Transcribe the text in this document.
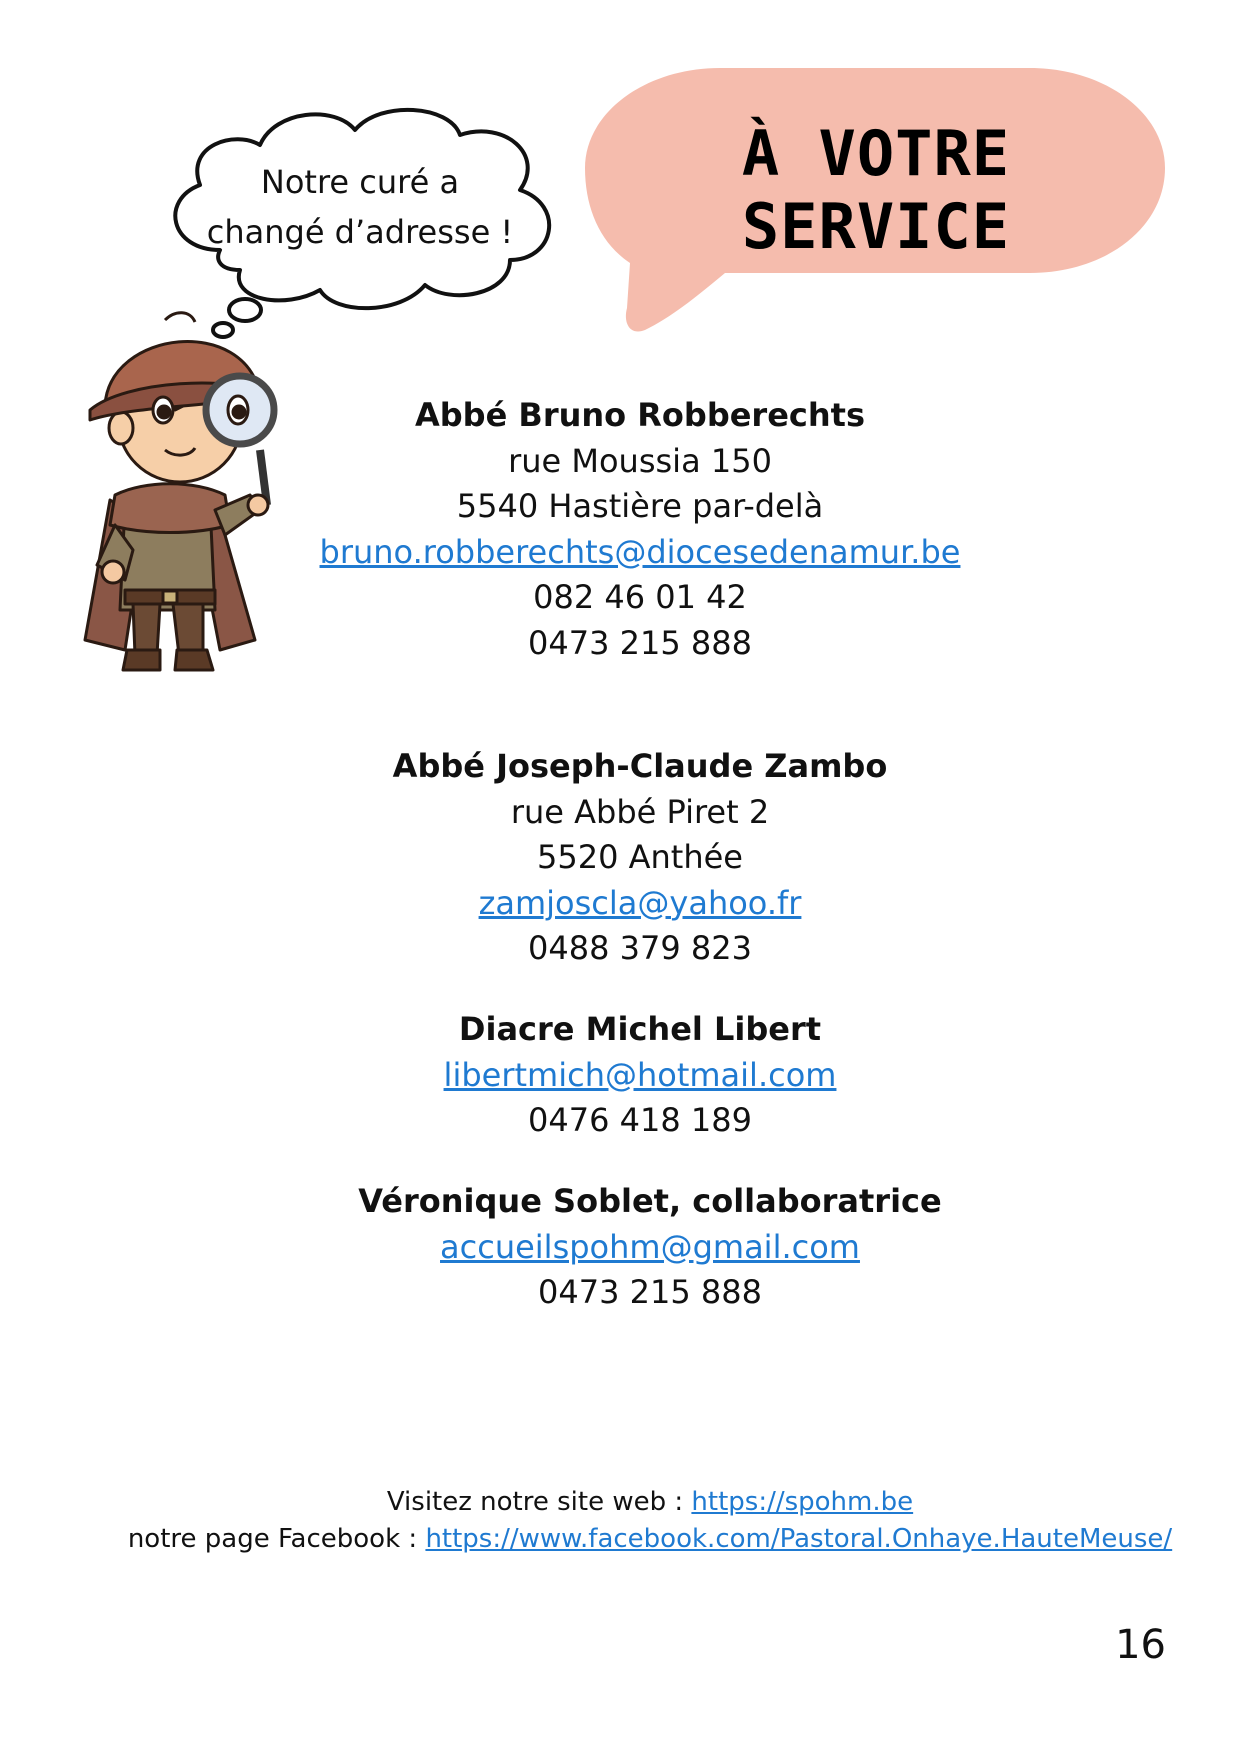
Notre curé a
changé d’adresse !
À VOTRE SERVICE
Abbé Bruno Robberechts
rue Moussia 150
5540 Hastière par-delà
bruno.robberechts@diocesedenamur.be
082 46 01 42
0473 215 888
Abbé Joseph-Claude Zambo
rue Abbé Piret 2
5520 Anthée
zamjoscla@yahoo.fr
0488 379 823
Diacre Michel Libert
libertmich@hotmail.com
0476 418 189
Véronique Soblet, collaboratrice
accueilspohm@gmail.com
0473 215 888
Visitez notre site web : https://spohm.be
notre page Facebook : https://www.facebook.com/Pastoral.Onhaye.HauteMeuse/
16
